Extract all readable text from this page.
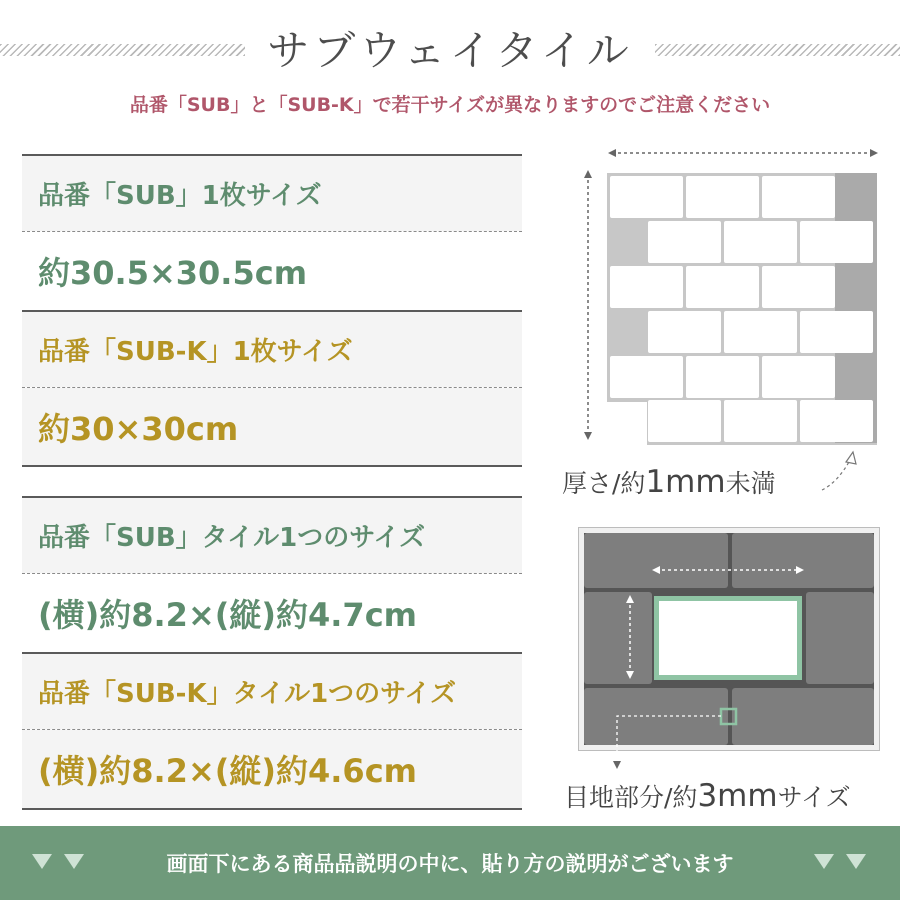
サブウェイタイル
品番「SUB」と「SUB-K」で若干サイズが異なりますのでご注意ください
品番「SUB」1枚サイズ
約30.5×30.5cm
品番「SUB-K」1枚サイズ
約30×30cm
品番「SUB」タイル1つのサイズ
(横)約8.2×(縦)約4.7cm
品番「SUB-K」タイル1つのサイズ
(横)約8.2×(縦)約4.6cm
厚さ/約1mm未満
目地部分/約3mmサイズ
画面下にある商品品説明の中に、貼り方の説明がございます
